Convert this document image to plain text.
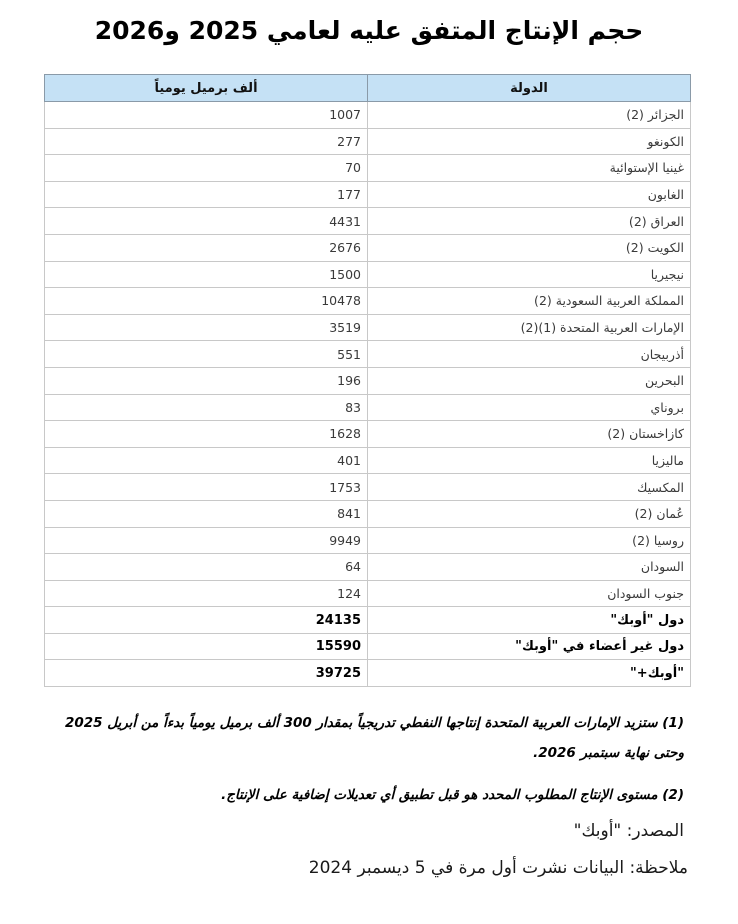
حجم الإنتاج المتفق عليه لعامي 2025 و2026
الدولة	ألف برميل يومياً
الجزائر (2)	1007
الكونغو	277
غينيا الإستوائية	70
الغابون	177
العراق (2)	4431
الكويت (2)	2676
نيجيريا	1500
المملكة العربية السعودية (2)	10478
الإمارات العربية المتحدة (1)(2)	3519
أذربيجان	551
البحرين	196
بروناي	83
كازاخستان (2)	1628
ماليزيا	401
المكسيك	1753
عُمان (2)	841
روسيا (2)	9949
السودان	64
جنوب السودان	124
دول "أوبك"	24135
دول غير أعضاء في "أوبك"	15590
"أوبك+"	39725

(1) ستزيد الإمارات العربية المتحدة إنتاجها النفطي تدريجياً بمقدار 300 ألف برميل يومياً بدءاً من أبريل 2025 وحتى نهاية سبتمبر 2026.

(2) مستوى الإنتاج المطلوب المحدد هو قبل تطبيق أي تعديلات إضافية على الإنتاج.

المصدر: "أوبك"
ملاحظة: البيانات نشرت أول مرة في 5 ديسمبر 2024
